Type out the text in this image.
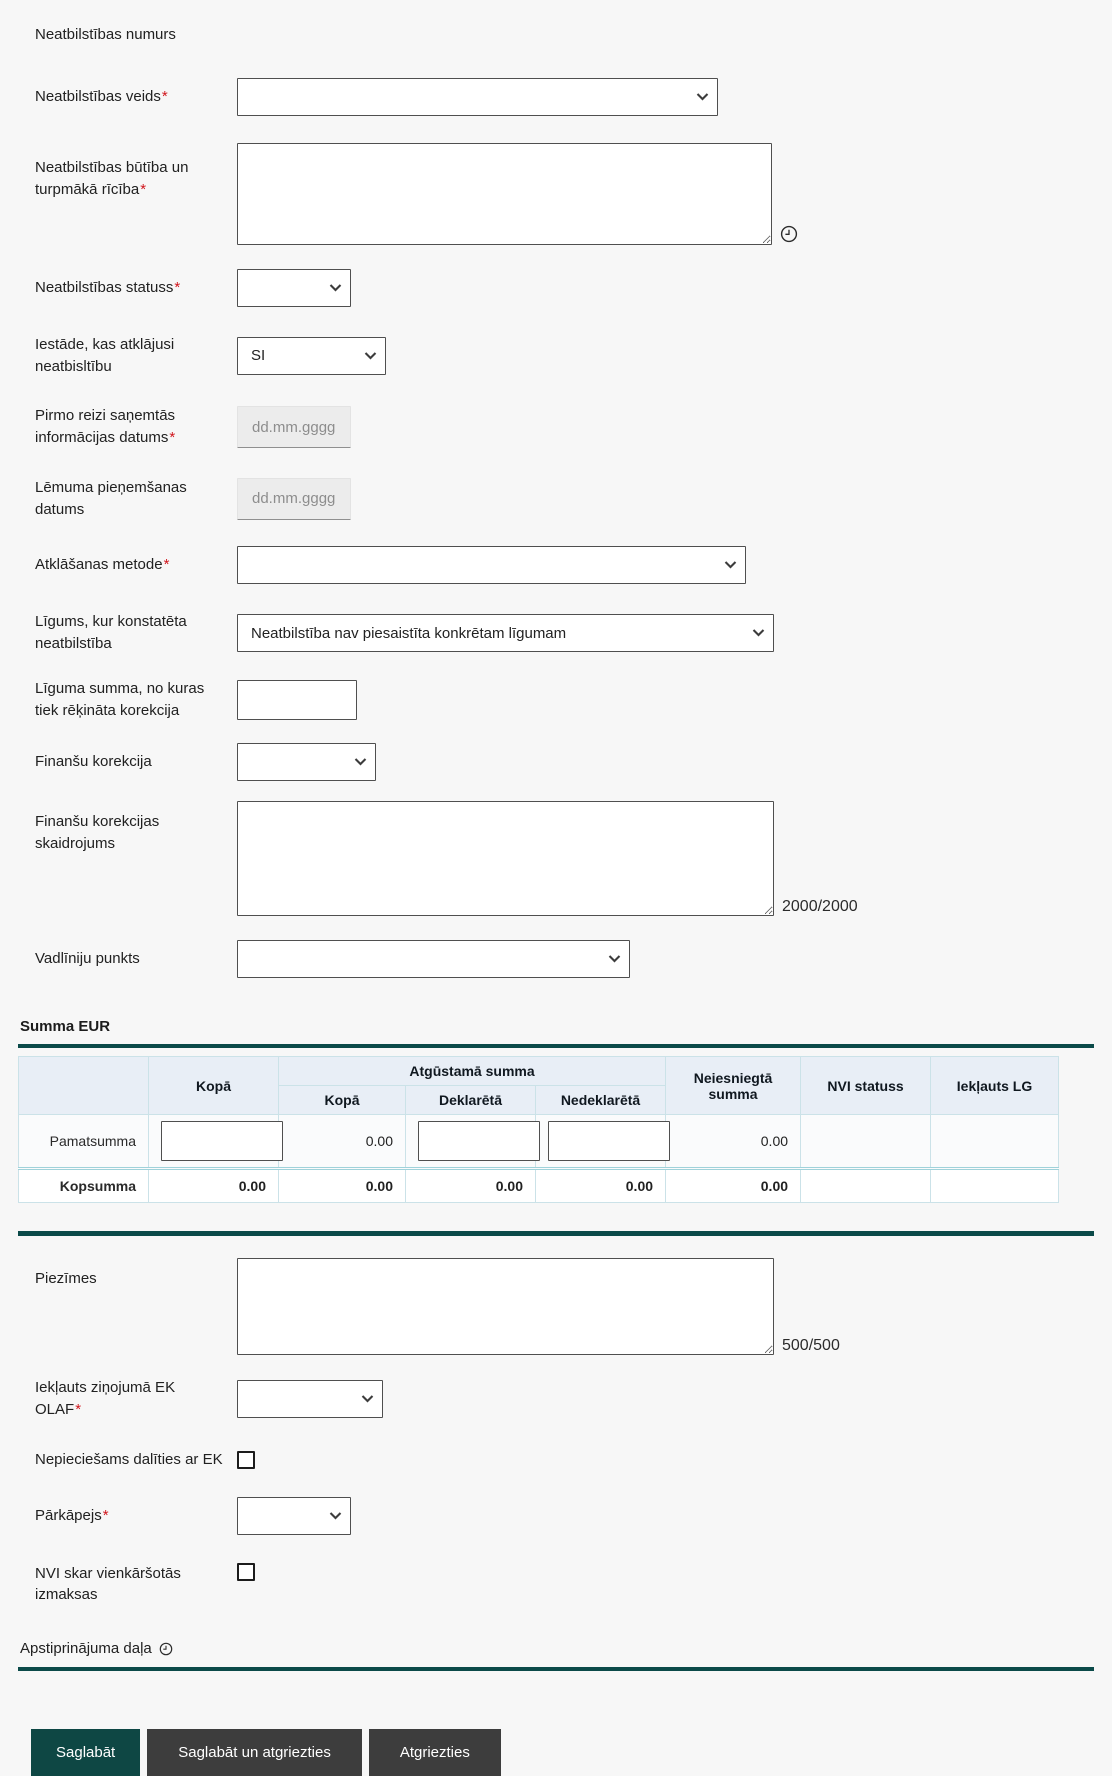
Neatbilstības numurs
Neatbilstības veids*
Neatbilstības būtība un turpmākā rīcība*
Neatbilstības statuss*
Iestāde, kas atklājusi neatbisltību
SI
Pirmo reizi saņemtās informācijas datums*
dd.mm.gggg
Lēmuma pieņemšanas datums
dd.mm.gggg
Atklāšanas metode*
Līgums, kur konstatēta neatbilstība
Neatbilstība nav piesaistīta konkrētam līgumam
Līguma summa, no kuras tiek rēķināta korekcija
Finanšu korekcija
Finanšu korekcijas skaidrojums
2000/2000
Vadlīniju punkts
Summa EUR
	Kopā	Atgūstamā summa			Neiesniegtā summa	NVI statuss	Iekļauts LG
		Kopā	Deklarētā	Nedeklarētā			
Pamatsumma		0.00			0.00		
Kopsumma	0.00	0.00	0.00	0.00	0.00		
Piezīmes
500/500
Iekļauts ziņojumā EK OLAF*
Nepieciešams dalīties ar EK
Pārkāpejs*
NVI skar vienkāršotās izmaksas
Apstiprinājuma daļa
Saglabāt	Saglabāt un atgriezties	Atgriezties
